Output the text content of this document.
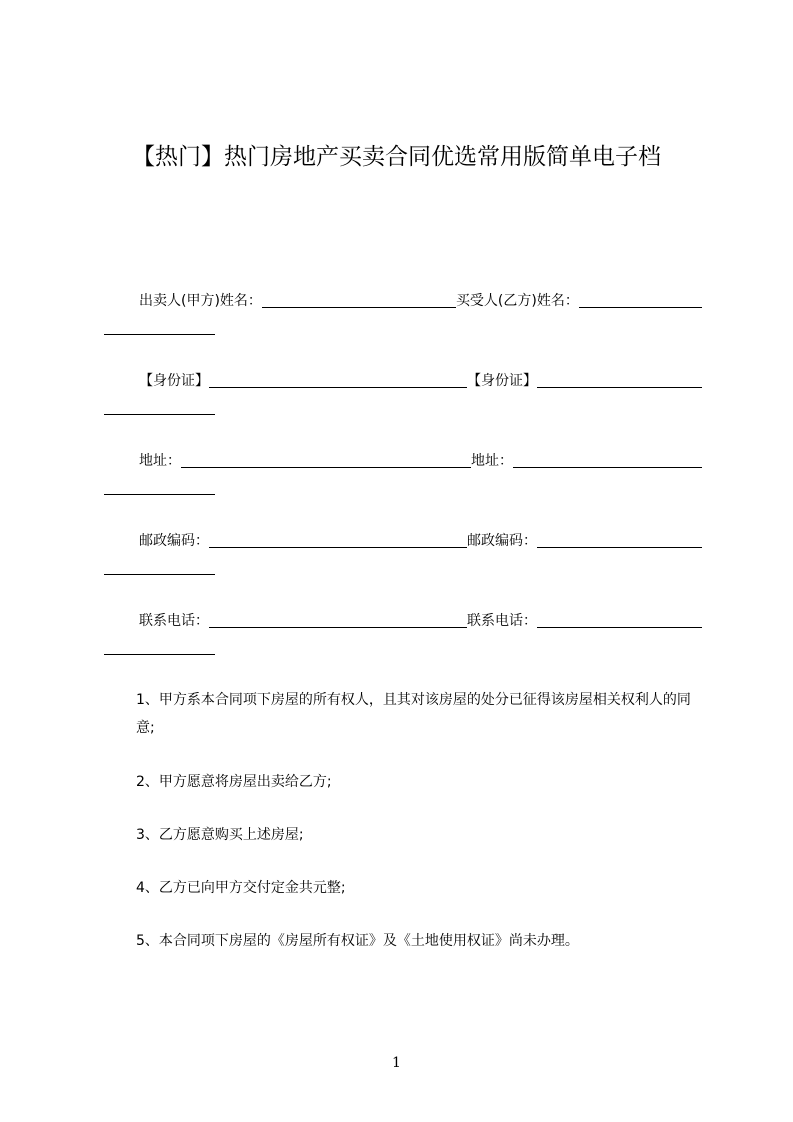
【热门】热门房地产买卖合同优选常用版简单电子档
出卖人(甲方)姓名：	买受人(乙方)姓名：
【身份证】	【身份证】
地址：	地址：
邮政编码：	邮政编码：
联系电话：	联系电话：
1、甲方系本合同项下房屋的所有权人，且其对该房屋的处分已征得该房屋相关权利人的同意;
2、甲方愿意将房屋出卖给乙方;
3、乙方愿意购买上述房屋;
4、乙方已向甲方交付定金共元整;
5、本合同项下房屋的《房屋所有权证》及《土地使用权证》尚未办理。
1
